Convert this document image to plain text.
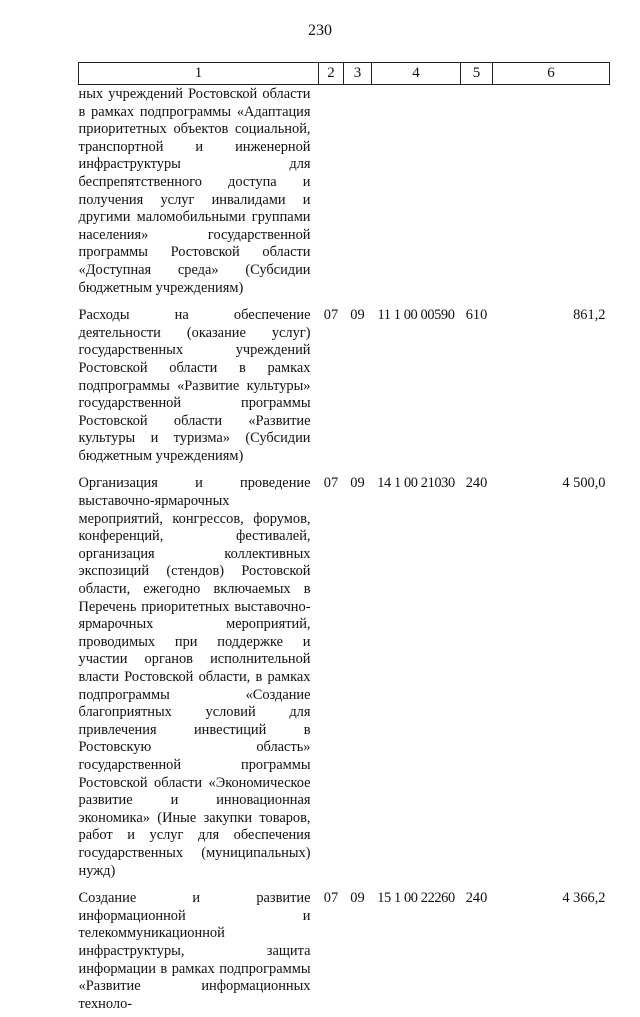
230
1	2	3	4	5	6
ных учреждений Ростовской области в рамках подпрограммы «Адаптация приоритетных объектов социальной, транспортной и инженерной инфраструктуры для беспрепятственного доступа и получения услуг инвалидами и другими маломобильными группами населения» государственной программы Ростовской области «Доступная среда» (Субсидии бюджетным учреждениям)					
Расходы на обеспечение деятельности (оказание услуг) государственных учреждений Ростовской области в рамках подпрограммы «Развитие культуры» государственной программы Ростовской области «Развитие культуры и туризма» (Субсидии бюджетным учреждениям)	07	09	11 1 00 00590	610	861,2
Организация и проведение выставочно-ярмарочных мероприятий, конгрессов, форумов, конференций, фестивалей, организация коллективных экспозиций (стендов) Ростовской области, ежегодно включаемых в Перечень приоритетных выставочно-ярмарочных мероприятий, проводимых при поддержке и участии органов исполнительной власти Ростовской области, в рамках подпрограммы «Создание благоприятных условий для привлечения инвестиций в Ростовскую область» государственной программы Ростовской области «Экономическое развитие и инновационная экономика» (Иные закупки товаров, работ и услуг для обеспечения государственных (муниципальных) нужд)	07	09	14 1 00 21030	240	4 500,0
Создание и развитие информационной и телекоммуникационной инфраструктуры, защита информации в рамках подпрограммы «Развитие информационных техноло-	07	09	15 1 00 22260	240	4 366,2
